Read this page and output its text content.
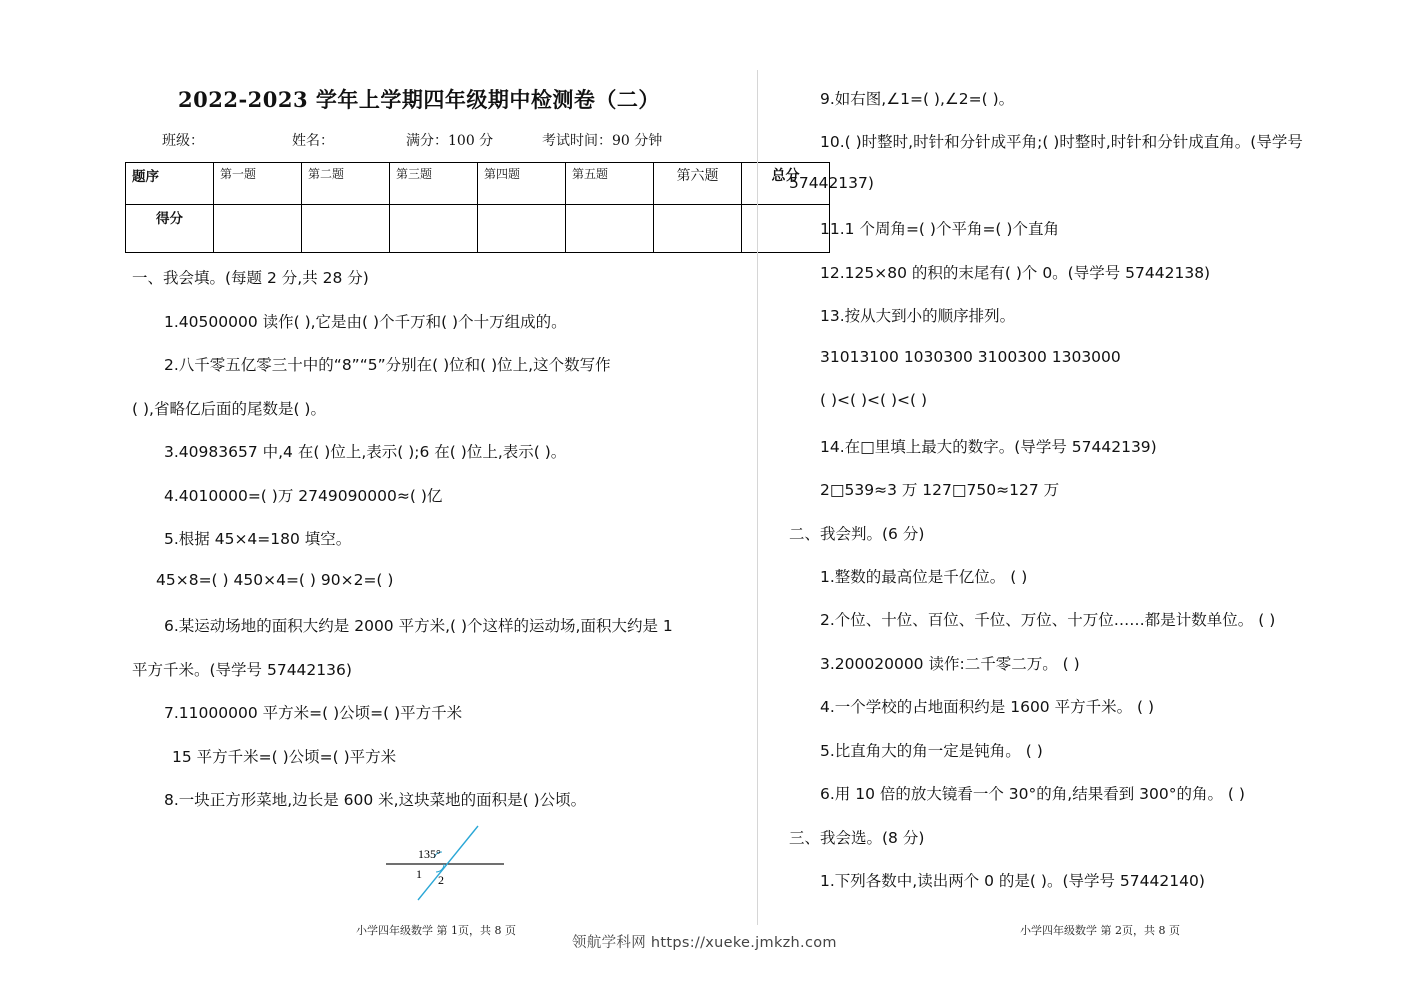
2022-2023 学年上学期四年级期中检测卷（二）
班级：	姓名：	满分：100 分	考试时间：90 分钟
题序	第一题	第二题	第三题	第四题	第五题	第六题	总分
得分							
一、我会填。(每题 2 分,共 28 分)
1.40500000 读作( ),它是由( )个千万和( )个十万组成的。
2.八千零五亿零三十中的“8”“5”分别在( )位和( )位上,这个数写作
( ),省略亿后面的尾数是( )。
3.40983657 中,4 在( )位上,表示( );6 在( )位上,表示( )。
4.4010000=( )万 2749090000≈( )亿
5.根据 45×4=180 填空。
45×8=( ) 450×4=( ) 90×2=( )
6.某运动场地的面积大约是 2000 平方米,( )个这样的运动场,面积大约是 1
平方千米。(导学号 57442136)
7.11000000 平方米=( )公顷=( )平方千米
15 平方千米=( )公顷=( )平方米
8.一块正方形菜地,边长是 600 米,这块菜地的面积是( )公顷。
135°
1 2
小学四年级数学 第 1页，共 8 页
9.如右图,∠1=( ),∠2=( )。
10.( )时整时,时针和分针成平角;( )时整时,时针和分针成直角。(导学号
57442137)
11.1 个周角=( )个平角=( )个直角
12.125×80 的积的末尾有( )个 0。(导学号 57442138)
13.按从大到小的顺序排列。
31013100 1030300 3100300 1303000
( )<( )<( )<( )
14.在□里填上最大的数字。(导学号 57442139)
2□539≈3 万 127□750≈127 万
二、我会判。(6 分)
1.整数的最高位是千亿位。 ( )
2.个位、十位、百位、千位、万位、十万位……都是计数单位。 ( )
3.200020000 读作:二千零二万。 ( )
4.一个学校的占地面积约是 1600 平方千米。 ( )
5.比直角大的角一定是钝角。 ( )
6.用 10 倍的放大镜看一个 30°的角,结果看到 300°的角。 ( )
三、我会选。(8 分)
1.下列各数中,读出两个 0 的是( )。(导学号 57442140)
小学四年级数学 第 2页，共 8 页
领航学科网 https://xueke.jmkzh.com
